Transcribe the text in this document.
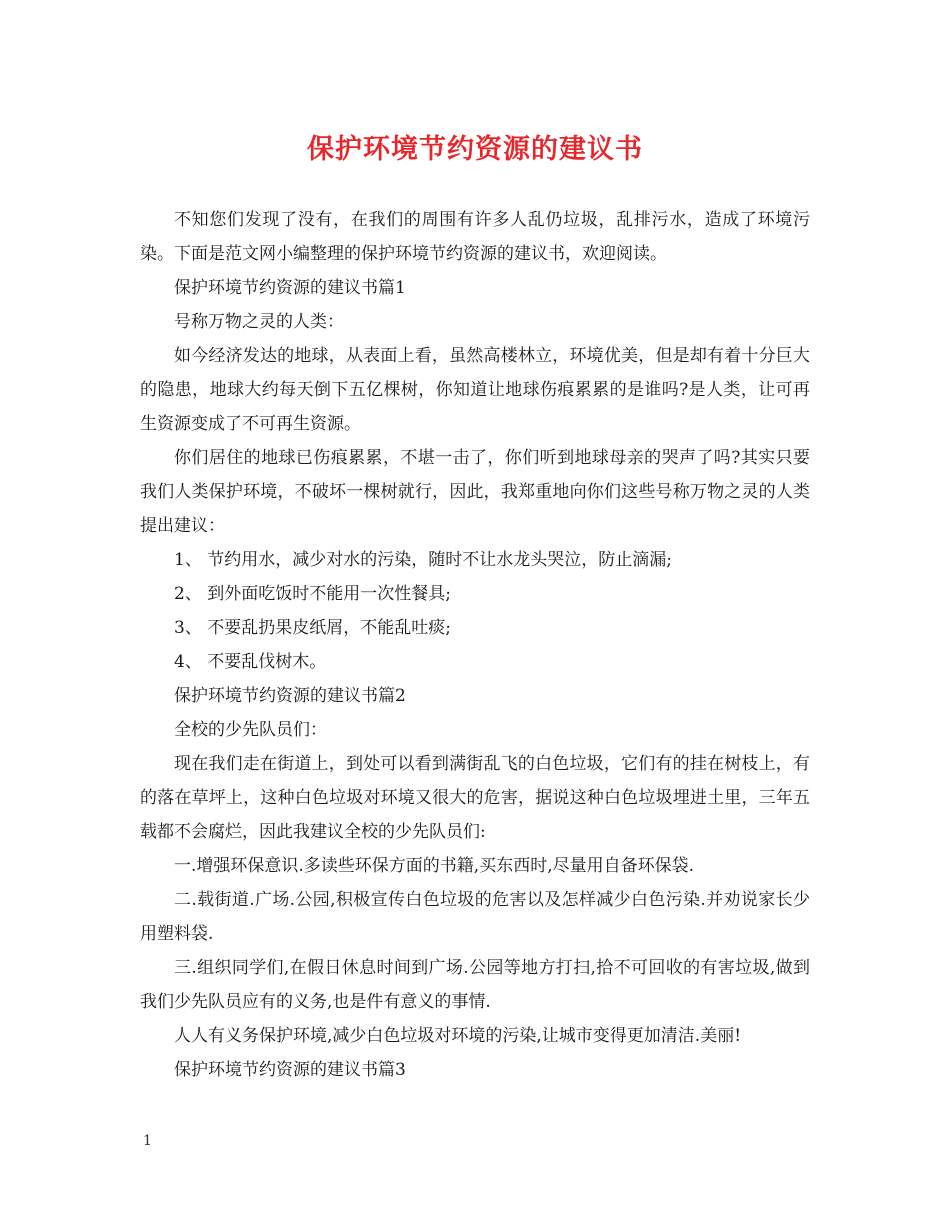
保护环境节约资源的建议书

不知您们发现了没有，在我们的周围有许多人乱仍垃圾，乱排污水，造成了环境污染。下面是范文网小编整理的保护环境节约资源的建议书，欢迎阅读。

保护环境节约资源的建议书篇1

号称万物之灵的人类：

如今经济发达的地球，从表面上看，虽然高楼林立，环境优美，但是却有着十分巨大的隐患，地球大约每天倒下五亿棵树，你知道让地球伤痕累累的是谁吗?是人类，让可再生资源变成了不可再生资源。

你们居住的地球已伤痕累累，不堪一击了，你们听到地球母亲的哭声了吗?其实只要我们人类保护环境，不破坏一棵树就行，因此，我郑重地向你们这些号称万物之灵的人类提出建议：

1、 节约用水，减少对水的污染，随时不让水龙头哭泣，防止滴漏;

2、 到外面吃饭时不能用一次性餐具;

3、 不要乱扔果皮纸屑，不能乱吐痰;

4、 不要乱伐树木。

保护环境节约资源的建议书篇2

全校的少先队员们：

现在我们走在街道上，到处可以看到满街乱飞的白色垃圾，它们有的挂在树枝上，有的落在草坪上，这种白色垃圾对环境又很大的危害，据说这种白色垃圾埋进土里，三年五载都不会腐烂，因此我建议全校的少先队员们:

一.增强环保意识.多读些环保方面的书籍,买东西时,尽量用自备环保袋.

二.载街道.广场.公园,积极宣传白色垃圾的危害以及怎样减少白色污染.并劝说家长少用塑料袋.

三.组织同学们,在假日休息时间到广场.公园等地方打扫,拾不可回收的有害垃圾,做到我们少先队员应有的义务,也是件有意义的事情.

人人有义务保护环境,减少白色垃圾对环境的污染,让城市变得更加清洁.美丽!

保护环境节约资源的建议书篇3

1
